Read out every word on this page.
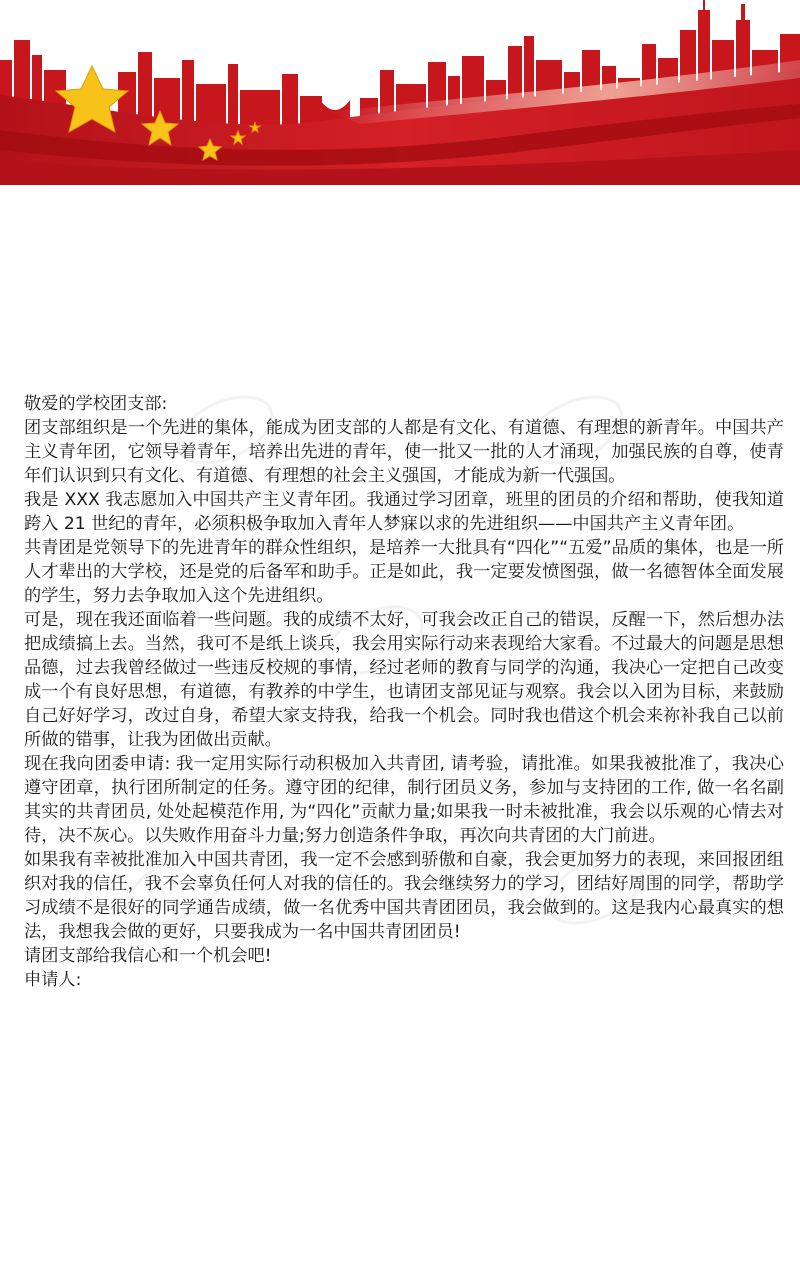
敬爱的学校团支部:

团支部组织是一个先进的集体，能成为团支部的人都是有文化、有道德、有理想的新青年。中国共产主义青年团，它领导着青年，培养出先进的青年，使一批又一批的人才涌现，加强民族的自尊，使青年们认识到只有文化、有道德、有理想的社会主义强国，才能成为新一代强国。

我是 XXX 我志愿加入中国共产主义青年团。我通过学习团章，班里的团员的介绍和帮助，使我知道跨入 21 世纪的青年，必须积极争取加入青年人梦寐以求的先进组织——中国共产主义青年团。

共青团是党领导下的先进青年的群众性组织，是培养一大批具有“四化”“五爱”品质的集体，也是一所人才辈出的大学校，还是党的后备军和助手。正是如此，我一定要发愤图强，做一名德智体全面发展的学生，努力去争取加入这个先进组织。

可是，现在我还面临着一些问题。我的成绩不太好，可我会改正自己的错误，反醒一下，然后想办法把成绩搞上去。当然，我可不是纸上谈兵，我会用实际行动来表现给大家看。不过最大的问题是思想品德，过去我曾经做过一些违反校规的事情，经过老师的教育与同学的沟通，我决心一定把自己改变成一个有良好思想，有道德，有教养的中学生，也请团支部见证与观察。我会以入团为目标，来鼓励自己好好学习，改过自身，希望大家支持我，给我一个机会。同时我也借这个机会来祢补我自己以前所做的错事，让我为团做出贡献。

现在我向团委申请: 我一定用实际行动积极加入共青团, 请考验，请批准。如果我被批准了，我决心遵守团章，执行团所制定的任务。遵守团的纪律，制行团员义务，参加与支持团的工作, 做一名名副其实的共青团员, 处处起模范作用, 为“四化”贡献力量;如果我一时未被批准，我会以乐观的心情去对待，决不灰心。以失败作用奋斗力量;努力创造条件争取，再次向共青团的大门前进。

如果我有幸被批准加入中国共青团，我一定不会感到骄傲和自豪，我会更加努力的表现，来回报团组织对我的信任，我不会辜负任何人对我的信任的。我会继续努力的学习，团结好周围的同学，帮助学习成绩不是很好的同学通告成绩，做一名优秀中国共青团团员，我会做到的。这是我内心最真实的想法，我想我会做的更好，只要我成为一名中国共青团团员!

请团支部给我信心和一个机会吧!

申请人:
